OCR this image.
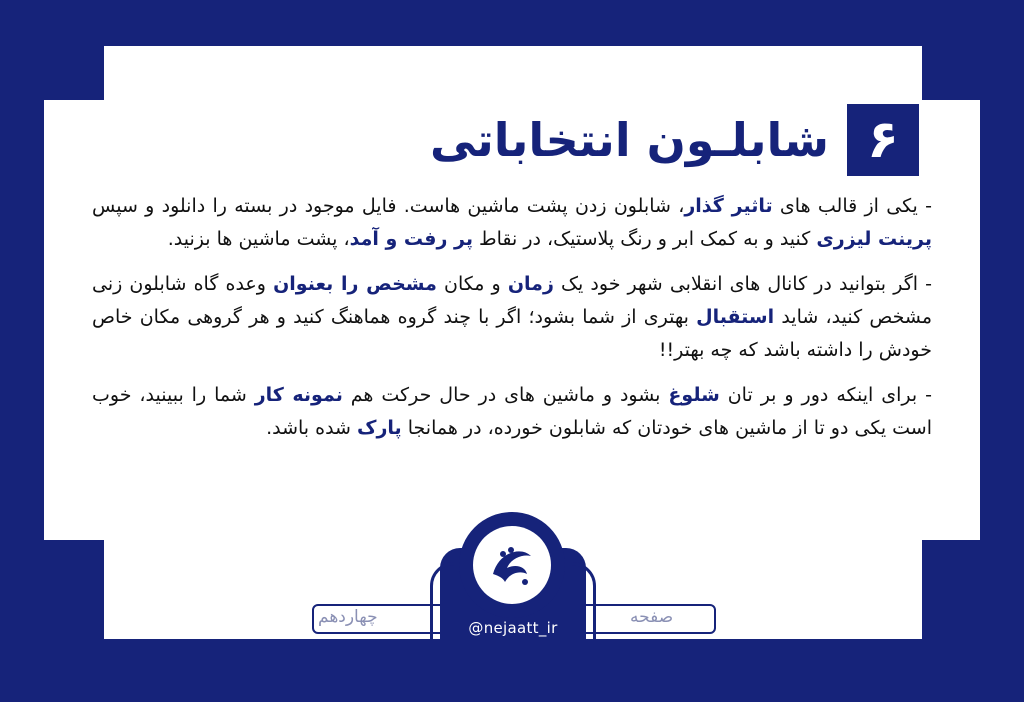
۶
شابلـون انتخاباتی

- یکی از قالب های تاثیر گذار، شابلون زدن پشت ماشین هاست. فایل موجود در بسته را دانلود و سپس پرینت لیزری کنید و به کمک ابر و رنگ پلاستیک، در نقاط پر رفت و آمد، پشت ماشین ها بزنید.

- اگر بتوانید در کانال های انقلابی شهر خود یک زمان و مکان مشخص را بعنوان وعده گاه شابلون زنی مشخص کنید، شاید استقبال بهتری از شما بشود؛ اگر با چند گروه هماهنگ کنید و هر گروهی مکان خاص خودش را داشته باشد که چه بهتر!!

- برای اینکه دور و بر تان شلوغ بشود و ماشین های در حال حرکت هم نمونه کار شما را ببینید، خوب است یکی دو تا از ماشین های خودتان که شابلون خورده، در همانجا پارک شده باشد.

صفحه
چهاردهم
@nejaatt_ir
